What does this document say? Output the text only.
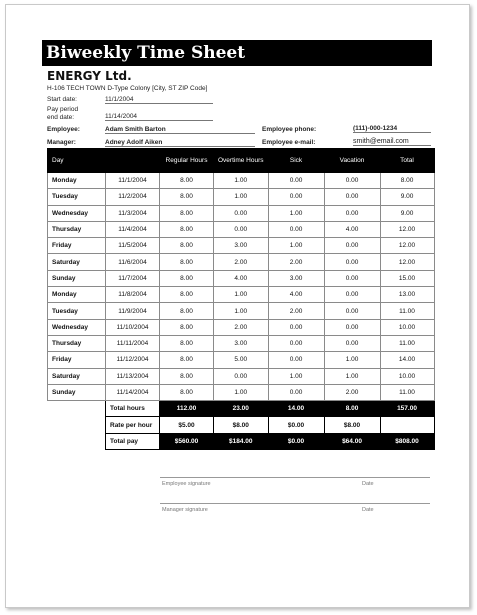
Biweekly Time Sheet
ENERGY Ltd.
H-106 TECH TOWN D-Type Colony [City, ST ZIP Code]
Start date:	11/1/2004
Pay period
end date:	11/14/2004
Employee:	Adam Smith Barton
Manager:	Adney Adolf Aiken
Employee phone:	(111)-000-1234
Employee e-mail:	smith@email.com
Day		Regular Hours	Overtime Hours	Sick	Vacation	Total
Monday	11/1/2004	8.00	1.00	0.00	0.00	8.00
Tuesday	11/2/2004	8.00	1.00	0.00	0.00	9.00
Wednesday	11/3/2004	8.00	0.00	1.00	0.00	9.00
Thursday	11/4/2004	8.00	0.00	0.00	4.00	12.00
Friday	11/5/2004	8.00	3.00	1.00	0.00	12.00
Saturday	11/6/2004	8.00	2.00	2.00	0.00	12.00
Sunday	11/7/2004	8.00	4.00	3.00	0.00	15.00
Monday	11/8/2004	8.00	1.00	4.00	0.00	13.00
Tuesday	11/9/2004	8.00	1.00	2.00	0.00	11.00
Wednesday	11/10/2004	8.00	2.00	0.00	0.00	10.00
Thursday	11/11/2004	8.00	3.00	0.00	0.00	11.00
Friday	11/12/2004	8.00	5.00	0.00	1.00	14.00
Saturday	11/13/2004	8.00	0.00	1.00	1.00	10.00
Sunday	11/14/2004	8.00	1.00	0.00	2.00	11.00
	Total hours	112.00	23.00	14.00	8.00	157.00
	Rate per hour	$5.00	$8.00	$0.00	$8.00	
	Total pay	$560.00	$184.00	$0.00	$64.00	$808.00
Employee signature	Date
Manager signature	Date
